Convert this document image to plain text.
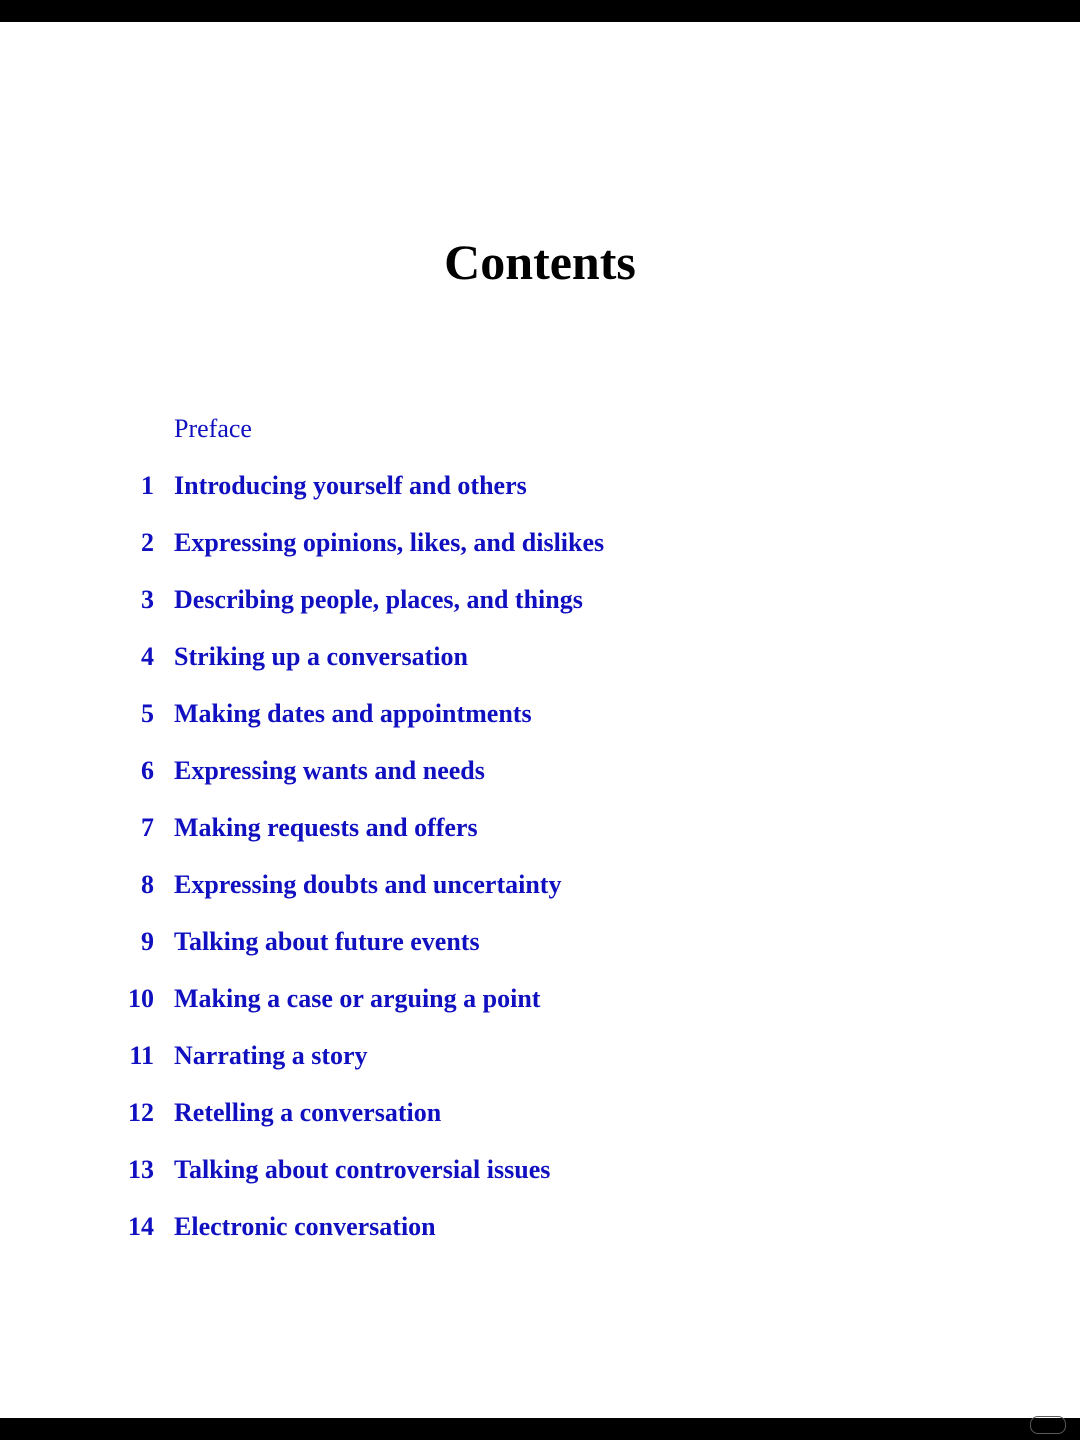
Contents
Preface
1 Introducing yourself and others
2 Expressing opinions, likes, and dislikes
3 Describing people, places, and things
4 Striking up a conversation
5 Making dates and appointments
6 Expressing wants and needs
7 Making requests and offers
8 Expressing doubts and uncertainty
9 Talking about future events
10 Making a case or arguing a point
11 Narrating a story
12 Retelling a conversation
13 Talking about controversial issues
14 Electronic conversation
